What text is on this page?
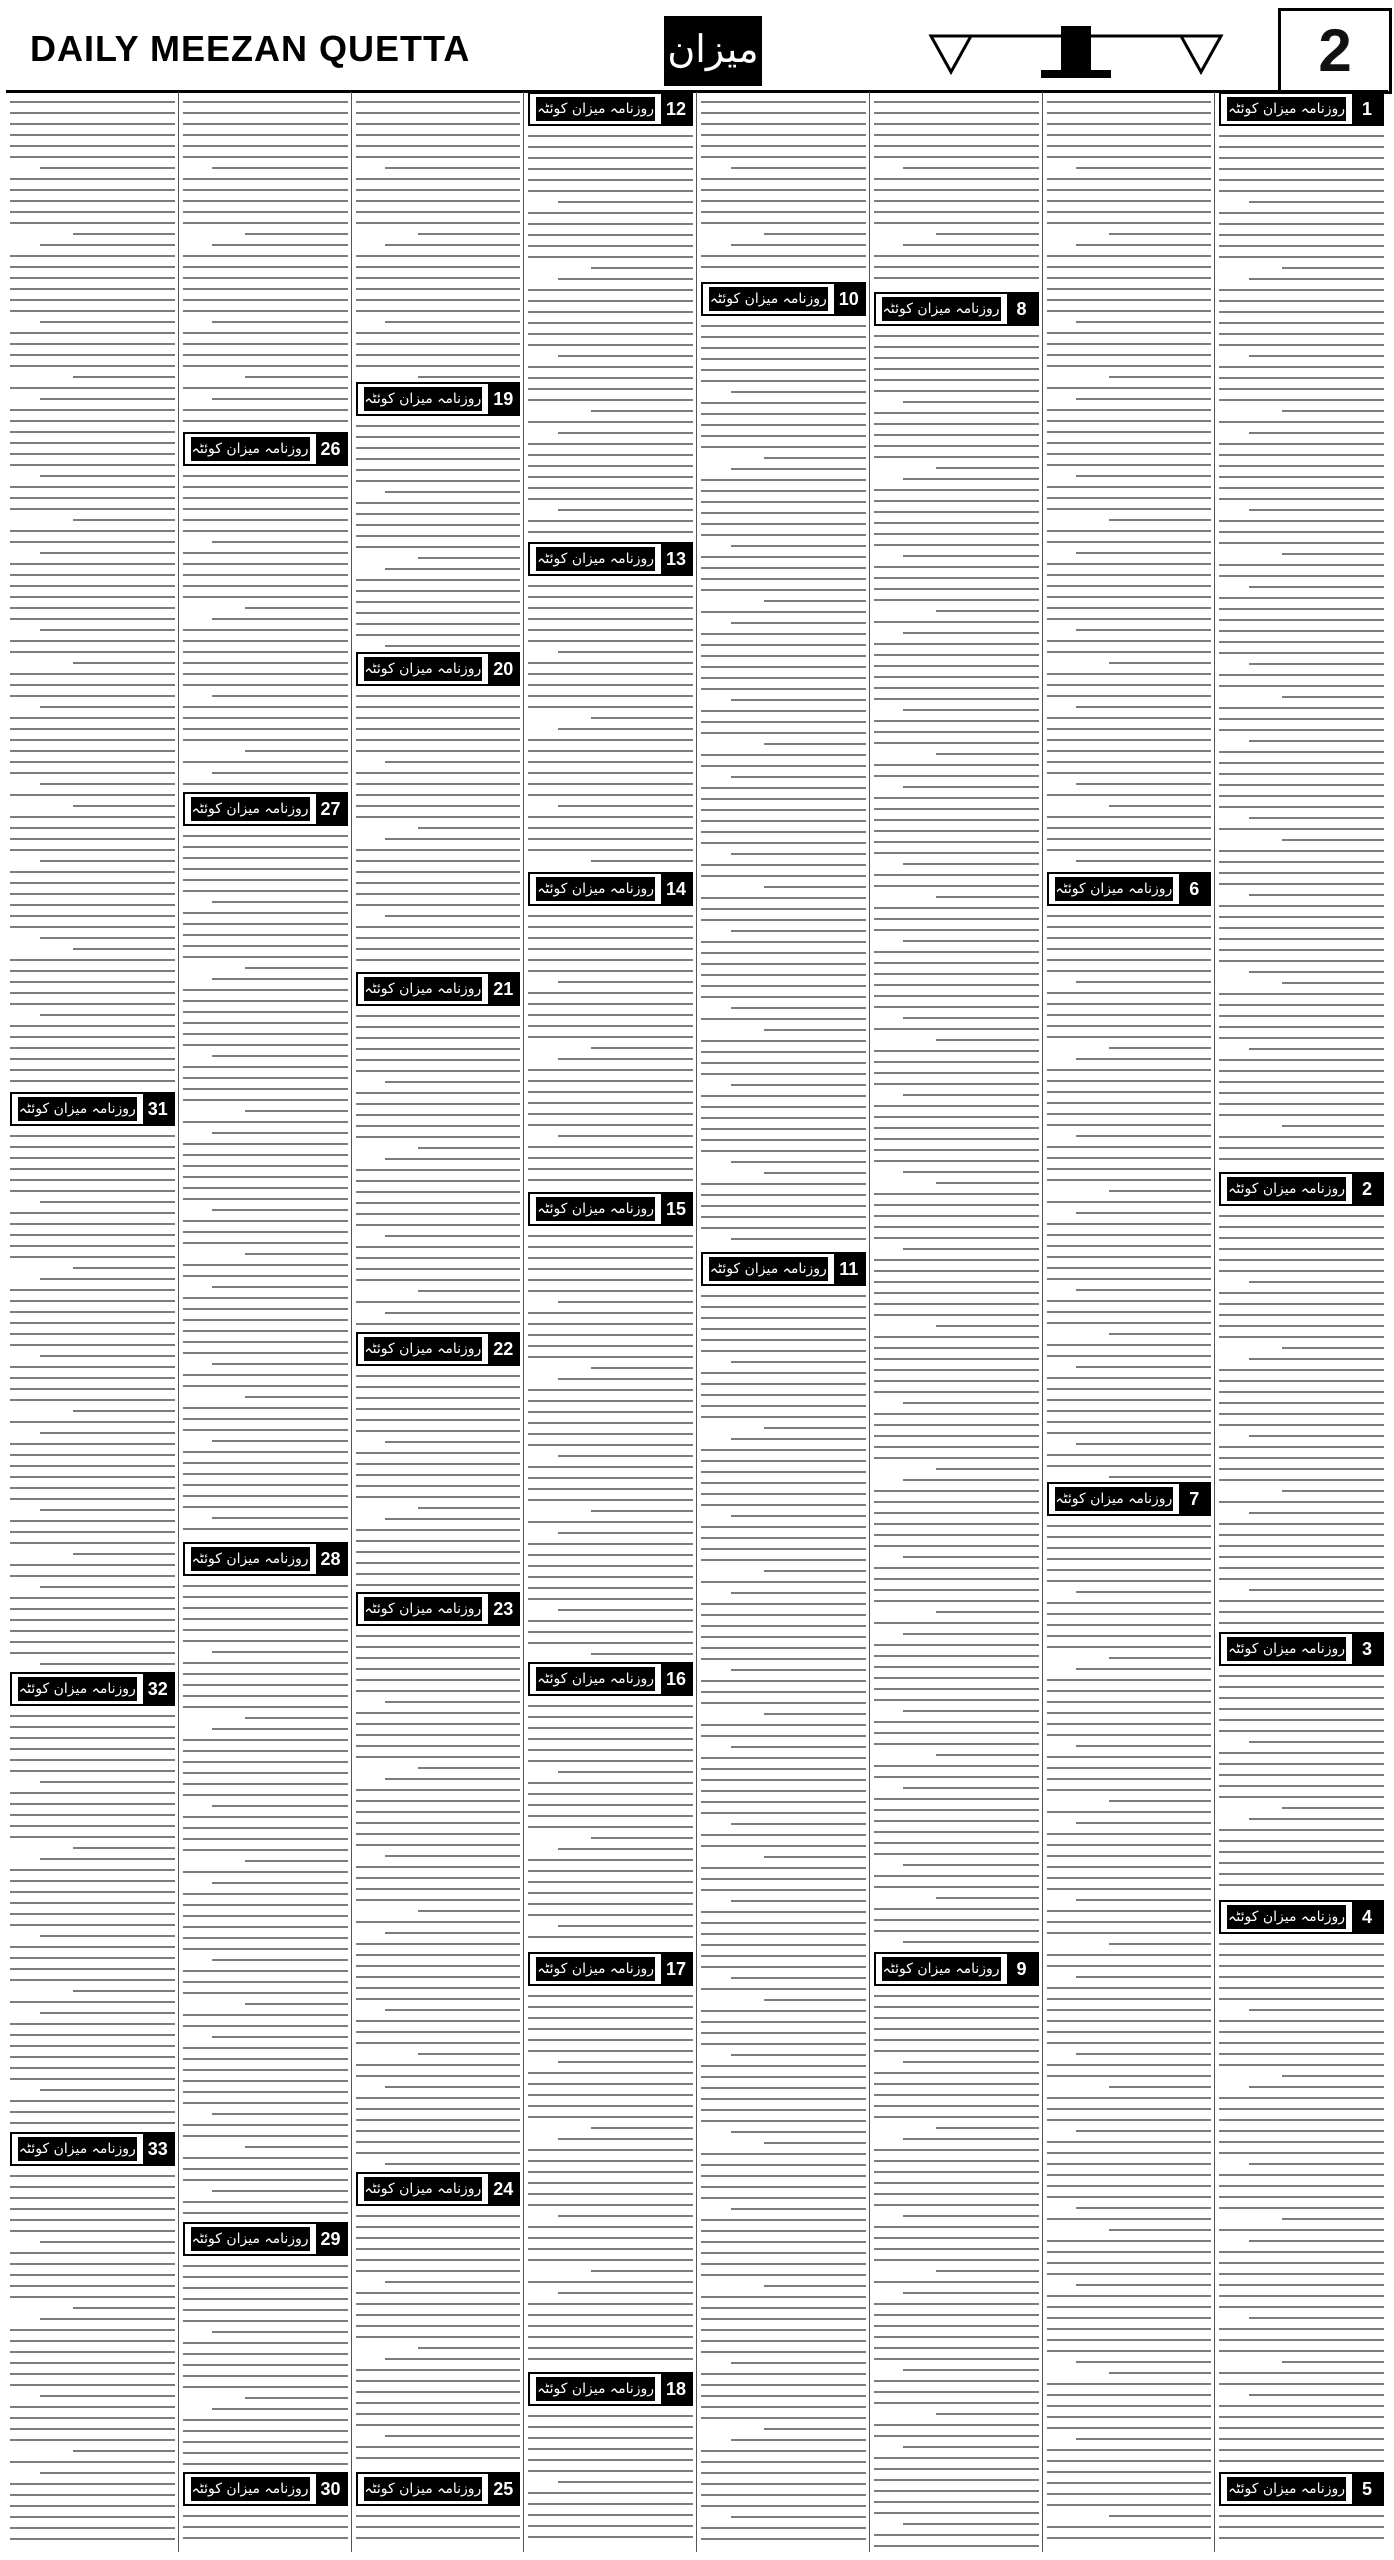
DAILY MEEZAN QUETTA	میزان	2
1
روزنامہ میزان کوئٹہ
2
روزنامہ میزان کوئٹہ
3
روزنامہ میزان کوئٹہ
4
روزنامہ میزان کوئٹہ
5
روزنامہ میزان کوئٹہ
6
روزنامہ میزان کوئٹہ
7
روزنامہ میزان کوئٹہ
8
روزنامہ میزان کوئٹہ
9
روزنامہ میزان کوئٹہ
10
روزنامہ میزان کوئٹہ
11
روزنامہ میزان کوئٹہ
12
روزنامہ میزان کوئٹہ
13
روزنامہ میزان کوئٹہ
14
روزنامہ میزان کوئٹہ
15
روزنامہ میزان کوئٹہ
16
روزنامہ میزان کوئٹہ
17
روزنامہ میزان کوئٹہ
18
روزنامہ میزان کوئٹہ
19
روزنامہ میزان کوئٹہ
20
روزنامہ میزان کوئٹہ
21
روزنامہ میزان کوئٹہ
22
روزنامہ میزان کوئٹہ
23
روزنامہ میزان کوئٹہ
24
روزنامہ میزان کوئٹہ
25
روزنامہ میزان کوئٹہ
26
روزنامہ میزان کوئٹہ
27
روزنامہ میزان کوئٹہ
28
روزنامہ میزان کوئٹہ
29
روزنامہ میزان کوئٹہ
30
روزنامہ میزان کوئٹہ
31
روزنامہ میزان کوئٹہ
32
روزنامہ میزان کوئٹہ
33
روزنامہ میزان کوئٹہ
